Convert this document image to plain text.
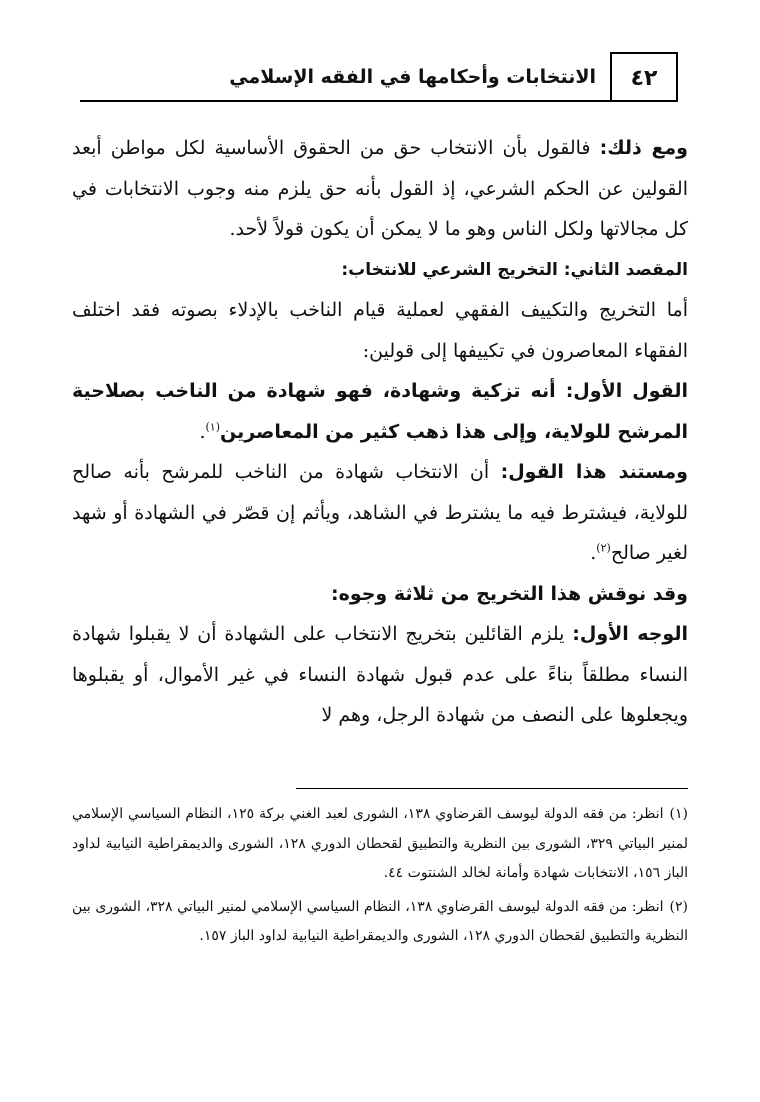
٤٢
الانتخابات وأحكامها في الفقه الإسلامي

ومع ذلك: فالقول بأن الانتخاب حق من الحقوق الأساسية لكل مواطن أبعد القولين عن الحكم الشرعي، إذ القول بأنه حق يلزم منه وجوب الانتخابات في كل مجالاتها ولكل الناس وهو ما لا يمكن أن يكون قولاً لأحد.

المقصد الثاني: التخريج الشرعي للانتخاب:

أما التخريج والتكييف الفقهي لعملية قيام الناخب بالإدلاء بصوته فقد اختلف الفقهاء المعاصرون في تكييفها إلى قولين:

القول الأول: أنه تزكية وشهادة، فهو شهادة من الناخب بصلاحية المرشح للولاية، وإلى هذا ذهب كثير من المعاصرين$^{(١)}$.

ومستند هذا القول: أن الانتخاب شهادة من الناخب للمرشح بأنه صالح للولاية، فيشترط فيه ما يشترط في الشاهد، ويأثم إن قصّر في الشهادة أو شهد لغير صالح$^{(٢)}$.

وقد نوقش هذا التخريج من ثلاثة وجوه:

الوجه الأول: يلزم القائلين بتخريج الانتخاب على الشهادة أن لا يقبلوا شهادة النساء مطلقاً بناءً على عدم قبول شهادة النساء في غير الأموال، أو يقبلوها ويجعلوها على النصف من شهادة الرجل، وهم لا

(١)انظر: من فقه الدولة ليوسف القرضاوي ١٣٨، الشورى لعبد الغني بركة ١٢٥، النظام السياسي الإسلامي لمنير البياتي ٣٢٩، الشورى بين النظرية والتطبيق لقحطان الدوري ١٢٨، الشورى والديمقراطية النيابية لداود الباز ١٥٦، الانتخابات شهادة وأمانة لخالد الشنتوت ٤٤.

(٢)انظر: من فقه الدولة ليوسف القرضاوي ١٣٨، النظام السياسي الإسلامي لمنير البياتي ٣٢٨، الشورى بين النظرية والتطبيق لقحطان الدوري ١٢٨، الشورى والديمقراطية النيابية لداود الباز ١٥٧.
